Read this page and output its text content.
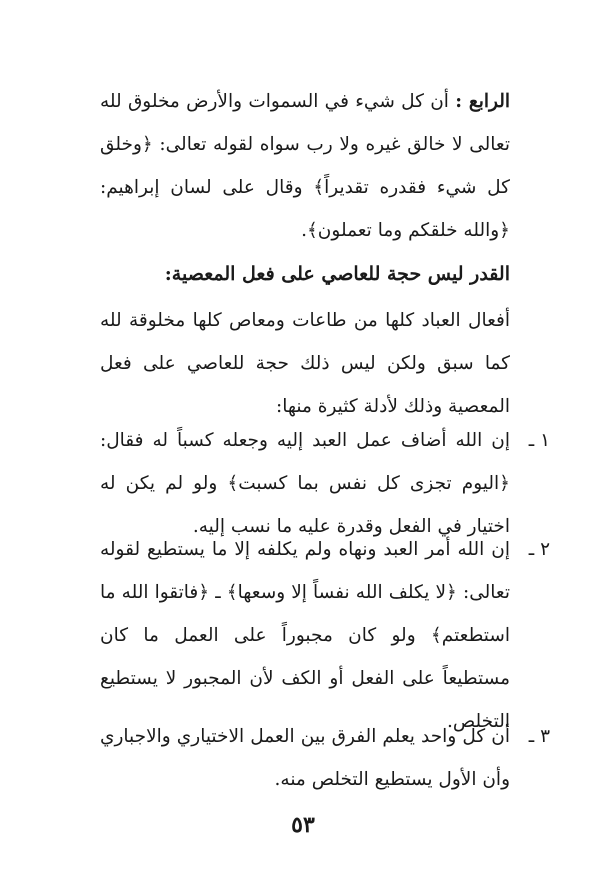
الرابع : أن كل شيء في السموات والأرض مخلوق لله تعالى لا خالق غيره ولا رب سواه لقوله تعالى: ﴿وخلق كل شيء فقدره تقديراً﴾ وقال على لسان إبراهيم: ﴿والله خلقكم وما تعملون﴾.
القدر ليس حجة للعاصي على فعل المعصية:
أفعال العباد كلها من طاعات ومعاص كلها مخلوقة لله كما سبق ولكن ليس ذلك حجة للعاصي على فعل المعصية وذلك لأدلة كثيرة منها:
١ ـ
إن الله أضاف عمل العبد إليه وجعله كسباً له فقال: ﴿اليوم تجزى كل نفس بما كسبت﴾ ولو لم يكن له اختيار في الفعل وقدرة عليه ما نسب إليه.
٢ ـ
إن الله أمر العبد ونهاه ولم يكلفه إلا ما يستطيع لقوله تعالى: ﴿لا يكلف الله نفساً إلا وسعها﴾ ـ ﴿فاتقوا الله ما استطعتم﴾ ولو كان مجبوراً على العمل ما كان مستطيعاً على الفعل أو الكف لأن المجبور لا يستطيع التخلص.
٣ ـ
أن كل واحد يعلم الفرق بين العمل الاختياري والاجباري وأن الأول يستطيع التخلص منه.
٥٣
